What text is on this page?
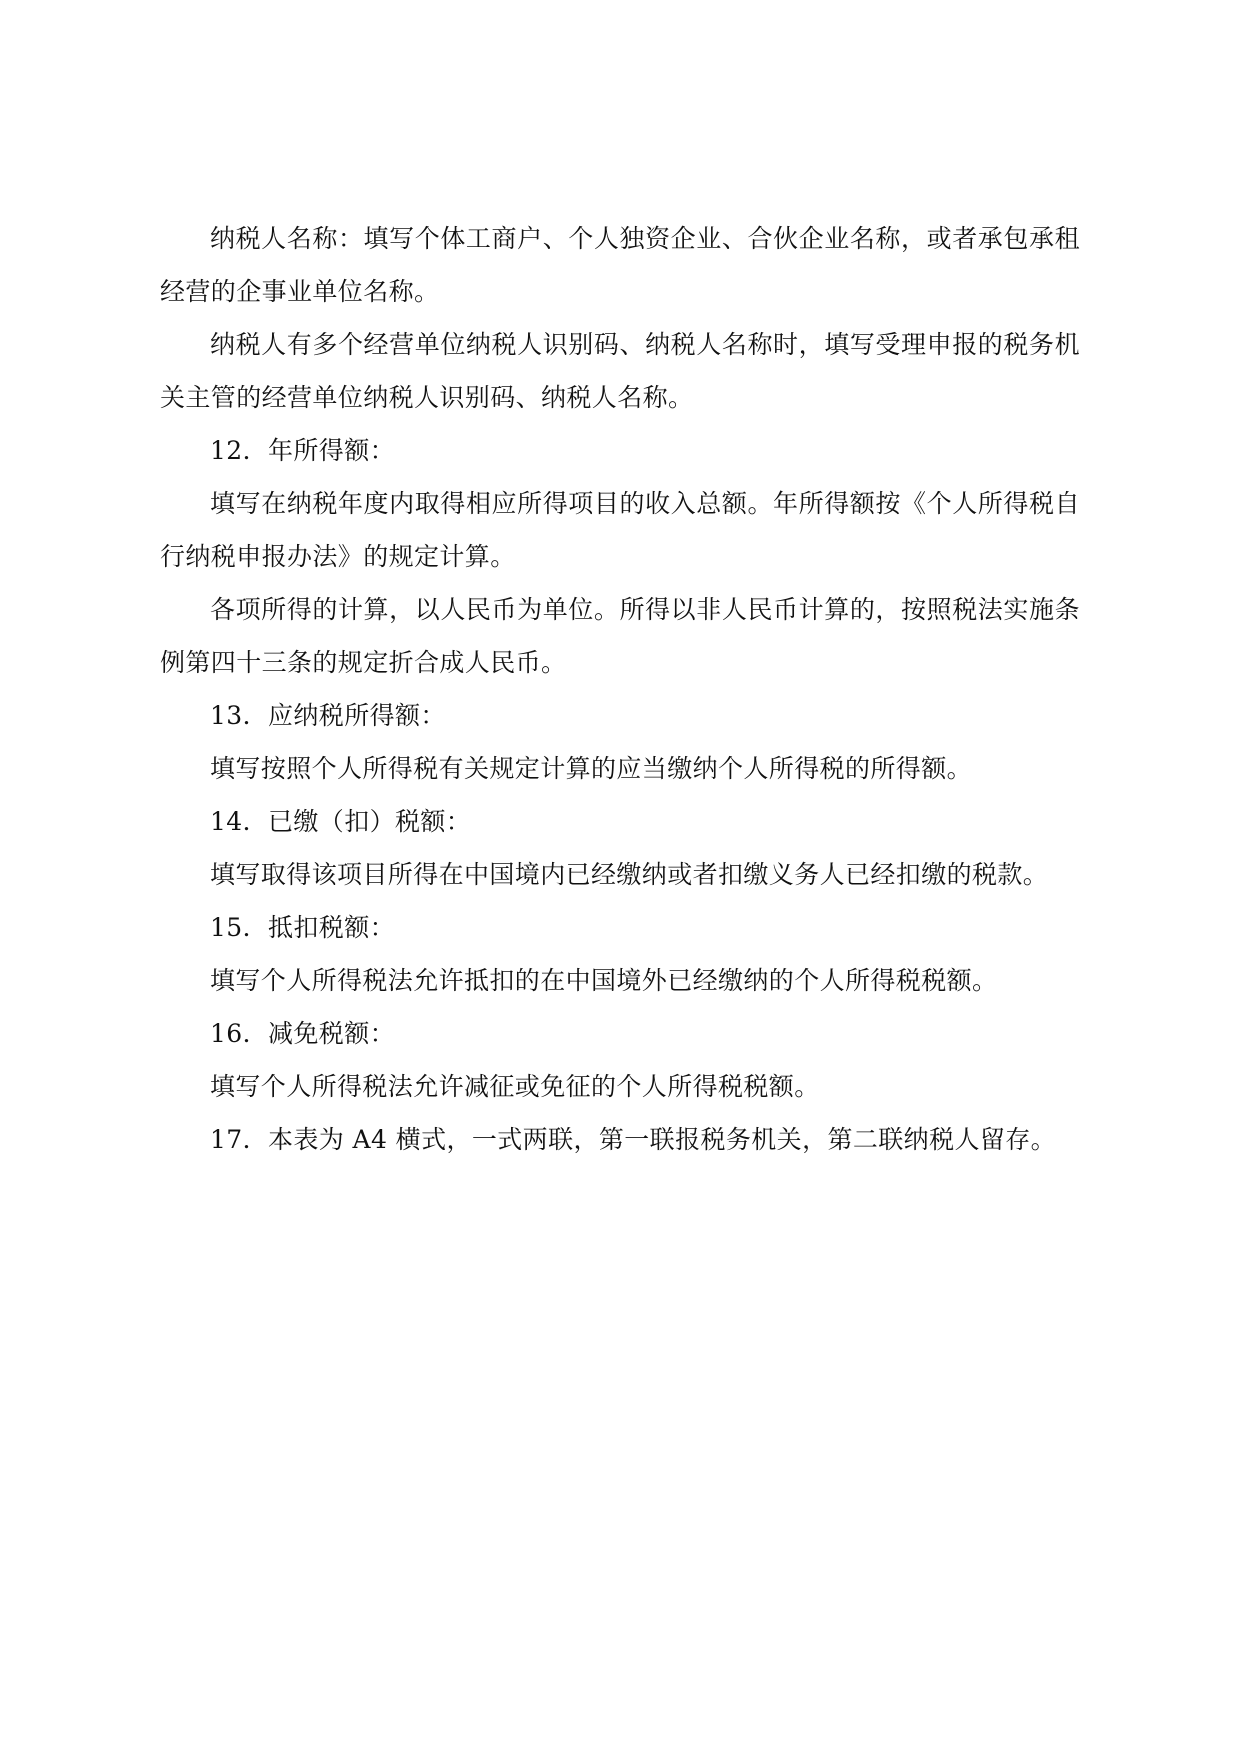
纳税人名称：填写个体工商户、个人独资企业、合伙企业名称，或者承包承租经营的企事业单位名称。

纳税人有多个经营单位纳税人识别码、纳税人名称时，填写受理申报的税务机关主管的经营单位纳税人识别码、纳税人名称。

12．年所得额：

填写在纳税年度内取得相应所得项目的收入总额。年所得额按《个人所得税自行纳税申报办法》的规定计算。

各项所得的计算，以人民币为单位。所得以非人民币计算的，按照税法实施条例第四十三条的规定折合成人民币。

13．应纳税所得额：

填写按照个人所得税有关规定计算的应当缴纳个人所得税的所得额。

14．已缴（扣）税额：

填写取得该项目所得在中国境内已经缴纳或者扣缴义务人已经扣缴的税款。

15．抵扣税额：

填写个人所得税法允许抵扣的在中国境外已经缴纳的个人所得税税额。

16．减免税额：

填写个人所得税法允许减征或免征的个人所得税税额。

17．本表为 A4 横式，一式两联，第一联报税务机关，第二联纳税人留存。
